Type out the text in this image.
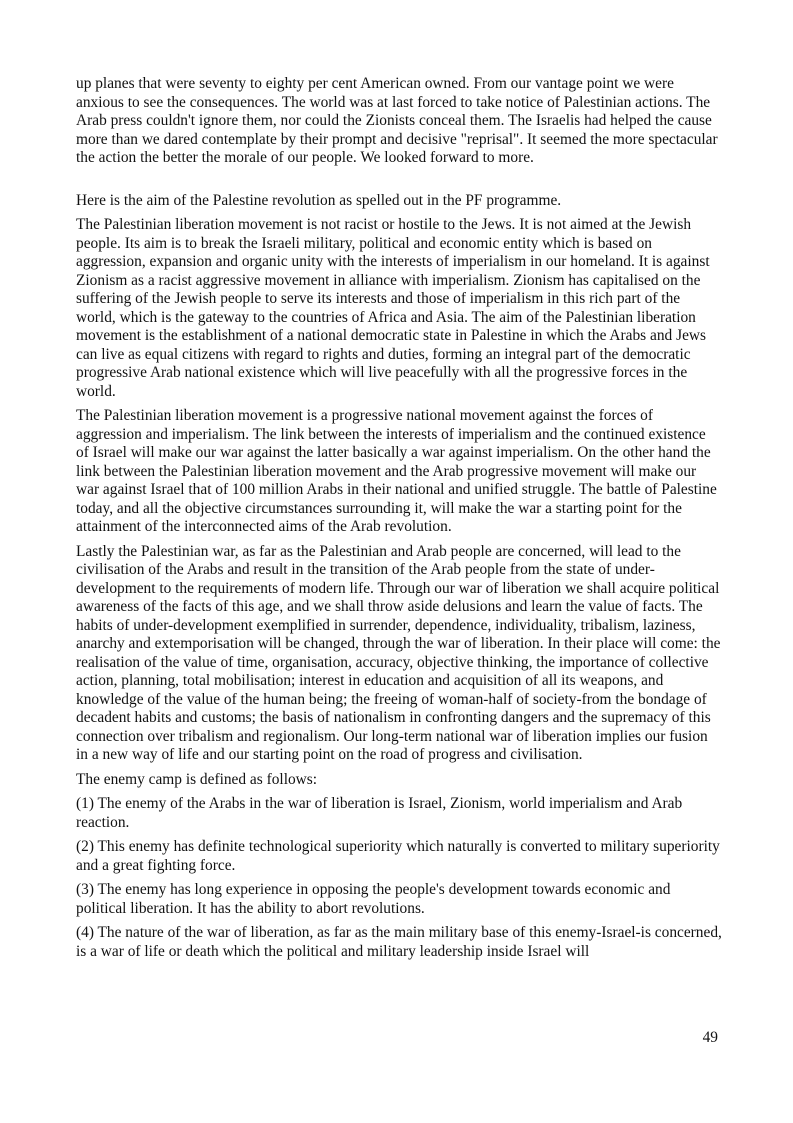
up planes that were seventy to eighty per cent American owned. From our vantage point we were anxious to see the consequences. The world was at last forced to take notice of Palestinian actions. The Arab press couldn't ignore them, nor could the Zionists conceal them. The Israelis had helped the cause more than we dared contemplate by their prompt and decisive "reprisal". It seemed the more spectacular the action the better the morale of our people. We looked forward to more.

Here is the aim of the Palestine revolution as spelled out in the PF programme.

The Palestinian liberation movement is not racist or hostile to the Jews. It is not aimed at the Jewish people. Its aim is to break the Israeli military, political and economic entity which is based on aggression, expansion and organic unity with the interests of imperialism in our homeland. It is against Zionism as a racist aggressive movement in alliance with imperialism. Zionism has capitalised on the suffering of the Jewish people to serve its interests and those of imperialism in this rich part of the world, which is the gateway to the countries of Africa and Asia. The aim of the Palestinian liberation movement is the establishment of a national democratic state in Palestine in which the Arabs and Jews can live as equal citizens with regard to rights and duties, forming an integral part of the democratic progressive Arab national existence which will live peacefully with all the progressive forces in the world.

The Palestinian liberation movement is a progressive national movement against the forces of aggression and imperialism. The link between the interests of imperialism and the continued existence of Israel will make our war against the latter basically a war against imperialism. On the other hand the link between the Palestinian liberation movement and the Arab progressive movement will make our war against Israel that of 100 million Arabs in their national and unified struggle. The battle of Palestine today, and all the objective circumstances surrounding it, will make the war a starting point for the attainment of the interconnected aims of the Arab revolution.

Lastly the Palestinian war, as far as the Palestinian and Arab people are concerned, will lead to the civilisation of the Arabs and result in the transition of the Arab people from the state of under-development to the requirements of modern life. Through our war of liberation we shall acquire political awareness of the facts of this age, and we shall throw aside delusions and learn the value of facts. The habits of under-development exemplified in surrender, dependence, individuality, tribalism, laziness, anarchy and extemporisation will be changed, through the war of liberation. In their place will come: the realisation of the value of time, organisation, accuracy, objective thinking, the importance of collective action, planning, total mobilisation; interest in education and acquisition of all its weapons, and knowledge of the value of the human being; the freeing of woman-half of society-from the bondage of decadent habits and customs; the basis of nationalism in confronting dangers and the supremacy of this connection over tribalism and regionalism. Our long-term national war of liberation implies our fusion in a new way of life and our starting point on the road of progress and civilisation.

The enemy camp is defined as follows:

(1) The enemy of the Arabs in the war of liberation is Israel, Zionism, world imperialism and Arab reaction.

(2) This enemy has definite technological superiority which naturally is converted to military superiority and a great fighting force.

(3) The enemy has long experience in opposing the people's development towards economic and political liberation. It has the ability to abort revolutions.

(4) The nature of the war of liberation, as far as the main military base of this enemy-Israel-is concerned, is a war of life or death which the political and military leadership inside Israel will

49
